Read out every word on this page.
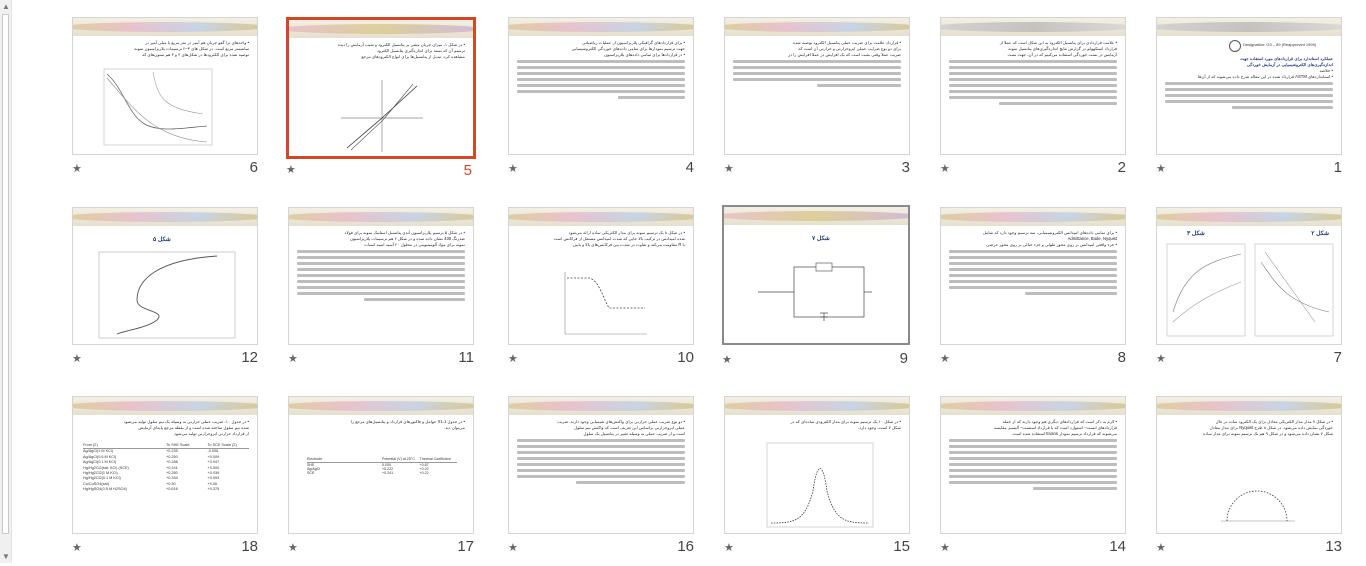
▲
▼
Designation: G3 – 89 (Reapproved 1999)
عملکرد استاندارد برای قراردادهای مورد استفاده جهت
اندازه‌گیری‌های الکتروشیمیایی در آزمایش خوردگی
• خلاصه
• استانداردهای ASTM قرارداد شده در این مقاله شرح داده می‌شوند که از آن‌ها
★	1
• علامت قراردادی برای پتانسیل الکترود به این شکل است که عملا از
قرارداد استکهولم در گزارش نتایج اندازه‌گیری‌های پتانسیل نمونه
آزمایش در تست خوردگی استفاده می‌کنیم که در آن، جهت مثبت
★	2
• قرارداد علامت برای ضریب عملی پتانسیل الکترود توصیه شده
برای دو نوع ضرایب عملی ایزوحرارتی و حرارتی آن است که
ضریب عملا وقتی مثبت است که یک افزایش در عملا افزایش را در
★	3
• برای قراردادهای گرافیکی پلاریزاسیون از عملیات ریاضیاتی
جهت ترسیم نمودارها برای تمامی داده‌های خوردگی الکتروشیمیایی
• در قراردادها برای تمامی داده‌های پلاریزاسیون
★	4
• در شکل ۱، میزان جریان منفی بر پتانسیل الکترود و شیب آزمایش را دیده
ترسیم آن که بسته برای اندازه‌گیری پتانسیل الکترود
مشاهده کرد. تبدیل از پتانسیل‌ها برای انواع الکترودهای مرجع
★	5
• واحدهای ترا گفو جریان هم آمپر در متر مربع یا میلی آمپر در
سانتیمتر مربع است. در شکل های ۳–۲ ترسیمات پلاریزاسیون نمونه
توصیه شده برای الکترودها در شکل‌های ۲ و ۳ هم ستون‌های که
★	6
شکل ۲
شکل ۳
★	7
• برای تمامی داده‌های امپدانس الکتروشیمیایی، سه ترسیم وجود دارد که شامل
Admittance, Bode, Nyquist
• جزء واقعی امپدانس بر روی محور طولی و جزء خیالی بر روی محور عرضی
★	8
شکل ۷
★	9
• در شکل ۸ یک ترسیم نمونه برای مدار الکتریکی ساده ارائه می‌شود
شده امپدانس در ترکیب بالا جایی که شدت امپدانس مستقل از فرکانس است
با R مقاومت می‌کند و تفاوت در شدت بین فرکانس‌های بالا و پایین
★	10
• در شکل ۵ ترسیم پلاریزاسیون آندی پتانسیل استاتیک نمونه برای فولاد
ضدزنگ 430 نشان داده شده و در شکل ۶ هم ترسیمات پلاریزاسیون
نمونه برای مواد آلومینیومی در محلول ۲۰ آسید اسید استات
★	11
شکل ۵
★	12
• در شکل ۷ مدار مدار الکتریکی معادل برای یک الکترود ساده در حال
خوردگی نمایش داده می‌شود. در شکل ۸ طرح Nyquist برای مدار معادل
شکل ۷ نشان داده می‌شود و در شکل ۹ هم یک ترسیم نمونه برای مدار ساده
★	13
• لازم به ذکر است که قراردادهای دیگری هم وجود دارند که از جمله
قراردادهای انست– استوارد است که با قرارداد استست– آلیسبر مقایسه
می‌شوند که قرارداد ترسیم نمودار Evans استفاده شده است.
★	14
• در شکل ۱۰ یک ترسیم نمونه برای مدار الکترودی ساده‌ای که در
شکل ۷ است، وجود دارد.
★	15
• دو نوع ضریب عملی حرارتی برای واکنش‌های شیمیایی وجود دارند. ضریب
عملی ایزوحرارتی براساس این تعریف است که واکنش نیم سلول
است و از ضریب عملی به وسیله تغییر در پتانسیل یک سلول
★	16
• در جدول X1.1 عوامل و فاکتورهای قرارداد و پتانسیل‌های مرجع را
می‌توان دید.
Electrode	Potential (V) at 25°C	Thermal Coefficient
SHE	0.000	+0.87
Ag/AgCl	+0.222	+0.22
SCE	+0.241	+0.22
★	17
• در جدول ۱۰، ضریب عملی حرارتی به وسیله یک نیم سلول تولید می‌شود
شده نیم سلول ساخته شده است و از نقطه مرجع پایه‌ای آزمایش
از قرارداد حرارتی ایزوحرارتی تولید می‌شود
From (Σ)	To SHE Scale	To SCE Scale (Σ)
Ag/AgCl(1 M KCl)	+0.235	-0.006
Ag/AgCl(0.6 M KCl)	+0.250	+0.009
Ag/AgCl(0.1 M KCl)	+0.288	+0.047
Hg/Hg2Cl2(sat. KCl) (SCE)	+0.241	+0.000
Hg/Hg2Cl2(1 M KCl)	+0.280	+0.039
Hg/Hg2Cl2(0.1 M KCl)	+0.334	+0.093
Cu/CuSO4(sat)	+0.30	+0.06
Hg/HgSO4(0.5 M H2SO4)	+0.616	+0.375
★	18
